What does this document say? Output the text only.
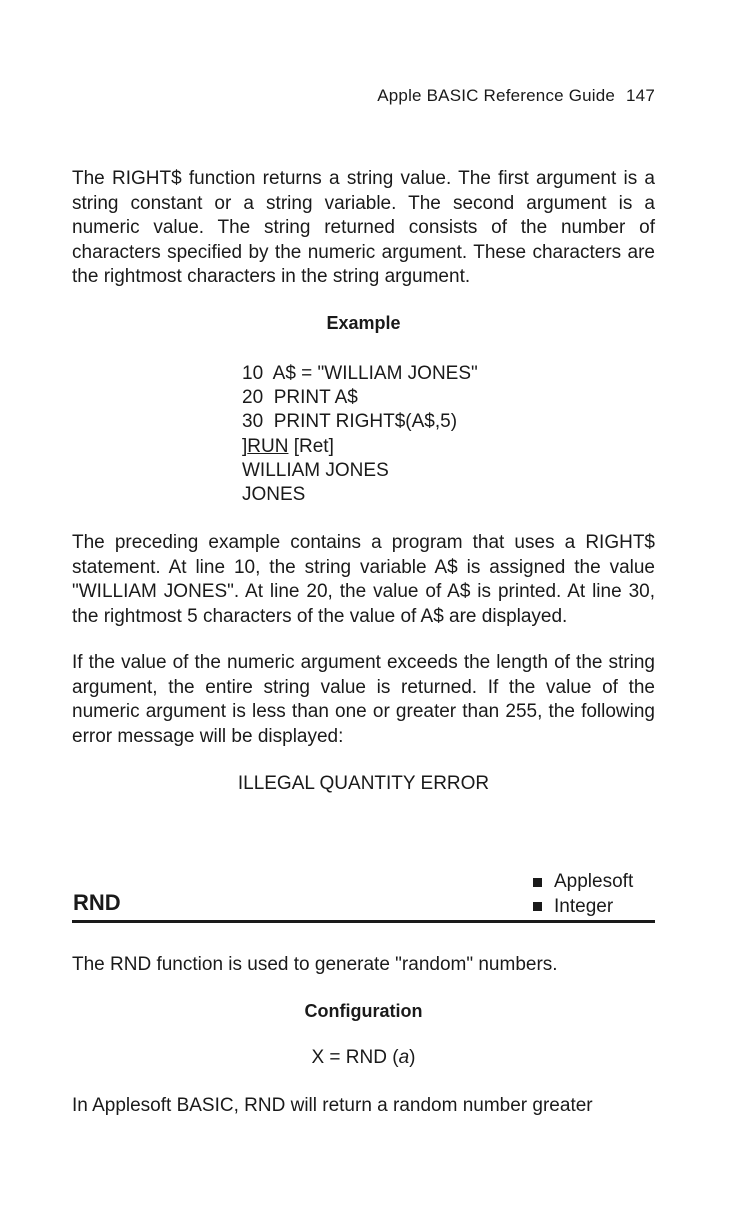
Apple BASIC Reference Guide 147

The RIGHT$ function returns a string value. The first argument is a string constant or a string variable. The second argument is a numeric value. The string returned consists of the number of characters specified by the numeric argument. These characters are the rightmost characters in the string argument.

Example
10  A$ = "WILLIAM JONES"
20  PRINT A$
30  PRINT RIGHT$(A$,5)
]RUN [Ret]
WILLIAM JONES
JONES

The preceding example contains a program that uses a RIGHT$ statement. At line 10, the string variable A$ is assigned the value "WILLIAM JONES". At line 20, the value of A$ is printed. At line 30, the rightmost 5 characters of the value of A$ are displayed.

If the value of the numeric argument exceeds the length of the string argument, the entire string value is returned. If the value of the numeric argument is less than one or greater than 255, the following error message will be displayed:

ILLEGAL QUANTITY ERROR
RND
Applesoft
Integer

The RND function is used to generate "random" numbers.

Configuration
X = RND (a)

In Applesoft BASIC, RND will return a random number greater
